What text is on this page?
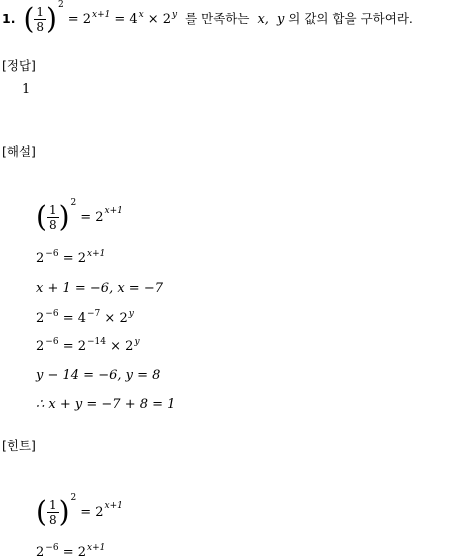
1. ( $\frac{1}{8} )^2$
= $2^{x+1} = 4^x \times 2^y$ 를 만족하는 x, y 의 값의 합을 구하여라.
[정답]
1
[해설]
( $\frac{1}{8} )^2$
= $2^{x+1}$
$2^{-6} = 2^{x+1}$
x + 1 = −6, x = −7
$2^{-6} = 4^{-7} \times 2^y$
$2^{-6} = 2^{-14} \times 2^y$
y − 14 = −6, y = 8
∴ x + y = −7 + 8 = 1
[힌트]
( $\frac{1}{8} )^2$
= $2^{x+1}$
$2^{-6} = 2^{x+1}$
